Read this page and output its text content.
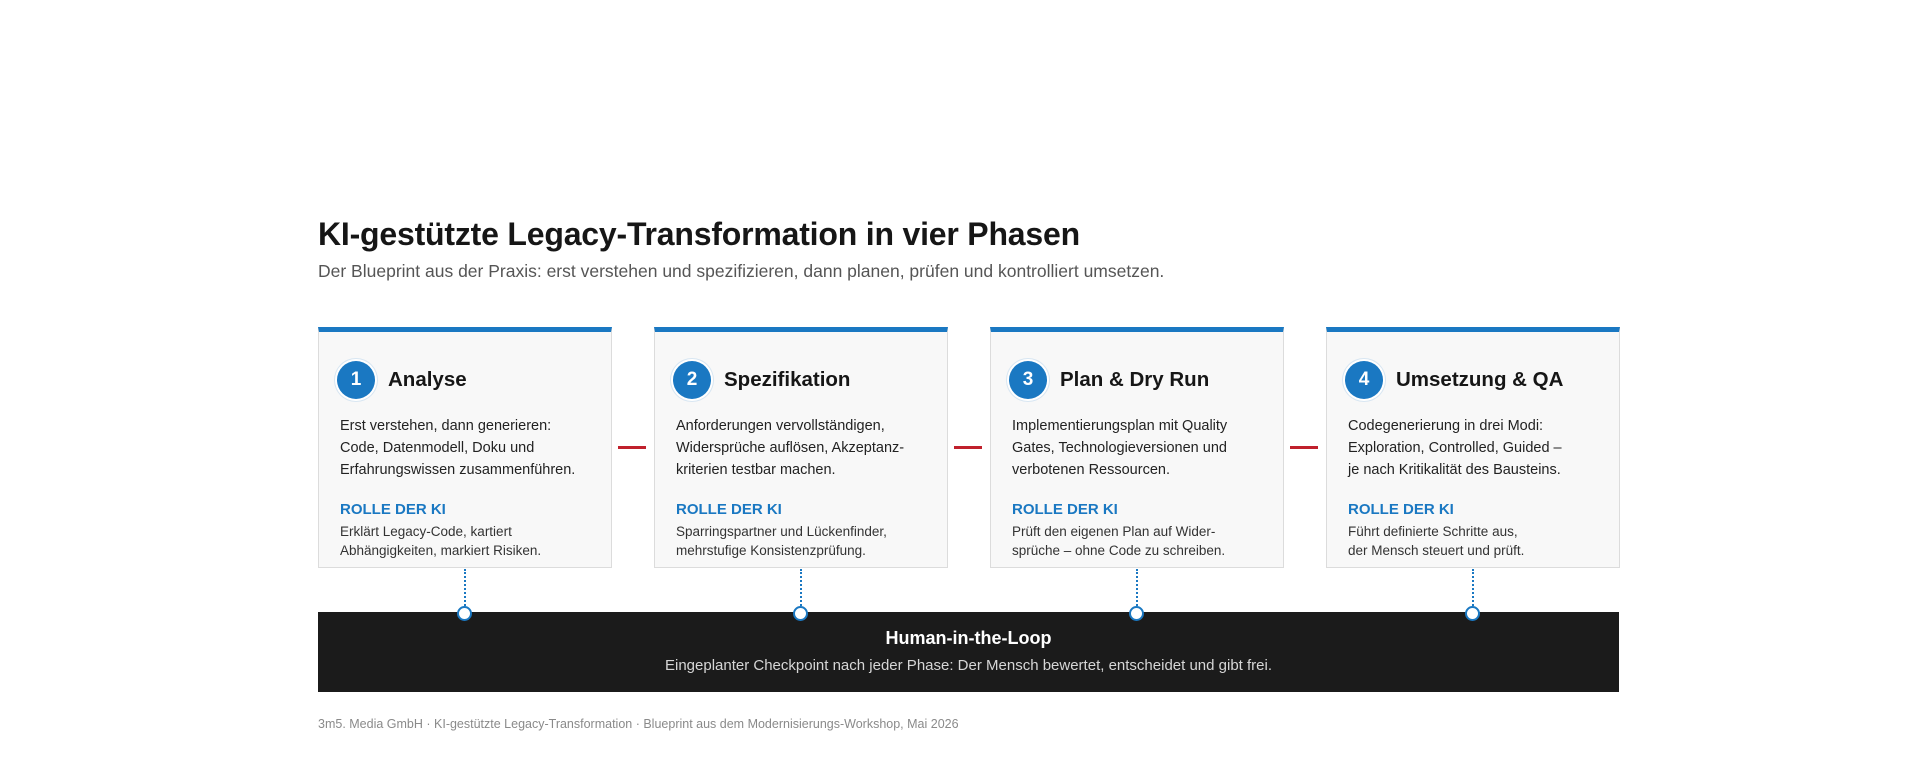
KI-gestützte Legacy-Transformation in vier Phasen

Der Blueprint aus der Praxis: erst verstehen und spezifizieren, dann planen, prüfen und kontrolliert umsetzen.

1	Analyse
Erst verstehen, dann generieren:
Code, Datenmodell, Doku und
Erfahrungswissen zusammenführen.
ROLLE DER KI
Erklärt Legacy-Code, kartiert
Abhängigkeiten, markiert Risiken.
2	Spezifikation
Anforderungen vervollständigen,
Widersprüche auflösen, Akzeptanz-
kriterien testbar machen.
ROLLE DER KI
Sparringspartner und Lückenfinder,
mehrstufige Konsistenzprüfung.
3	Plan & Dry Run
Implementierungsplan mit Quality
Gates, Technologieversionen und
verbotenen Ressourcen.
ROLLE DER KI
Prüft den eigenen Plan auf Wider-
sprüche – ohne Code zu schreiben.
4	Umsetzung & QA
Codegenerierung in drei Modi:
Exploration, Controlled, Guided –
je nach Kritikalität des Bausteins.
ROLLE DER KI
Führt definierte Schritte aus,
der Mensch steuert und prüft.
Human-in-the-Loop
Eingeplanter Checkpoint nach jeder Phase: Der Mensch bewertet, entscheidet und gibt frei.
3m5. Media GmbH · KI-gestützte Legacy-Transformation · Blueprint aus dem Modernisierungs-Workshop, Mai 2026
